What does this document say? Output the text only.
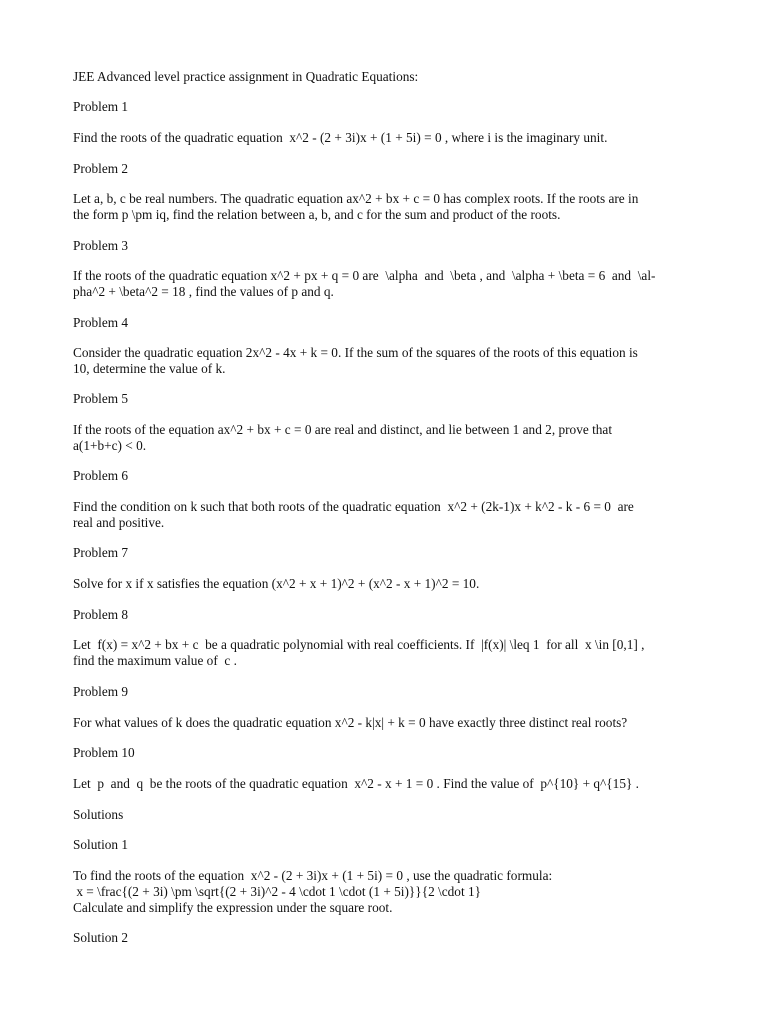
JEE Advanced level practice assignment in Quadratic Equations:
Problem 1
Find the roots of the quadratic equation  x^2 - (2 + 3i)x + (1 + 5i) = 0 , where i is the imaginary unit.
Problem 2
Let a, b, c be real numbers. The quadratic equation ax^2 + bx + c = 0 has complex roots. If the roots are in
the form p \pm iq, find the relation between a, b, and c for the sum and product of the roots.
Problem 3
If the roots of the quadratic equation x^2 + px + q = 0 are  \alpha  and  \beta , and  \alpha + \beta = 6  and  \al-
pha^2 + \beta^2 = 18 , find the values of p and q.
Problem 4
Consider the quadratic equation 2x^2 - 4x + k = 0. If the sum of the squares of the roots of this equation is
10, determine the value of k.
Problem 5
If the roots of the equation ax^2 + bx + c = 0 are real and distinct, and lie between 1 and 2, prove that
a(1+b+c) < 0.
Problem 6
Find the condition on k such that both roots of the quadratic equation  x^2 + (2k-1)x + k^2 - k - 6 = 0  are
real and positive.
Problem 7
Solve for x if x satisfies the equation (x^2 + x + 1)^2 + (x^2 - x + 1)^2 = 10.
Problem 8
Let  f(x) = x^2 + bx + c  be a quadratic polynomial with real coefficients. If  |f(x)| \leq 1  for all  x \in [0,1] ,
find the maximum value of  c .
Problem 9
For what values of k does the quadratic equation x^2 - k|x| + k = 0 have exactly three distinct real roots?
Problem 10
Let  p  and  q  be the roots of the quadratic equation  x^2 - x + 1 = 0 . Find the value of  p^{10} + q^{15} .
Solutions
Solution 1
To find the roots of the equation  x^2 - (2 + 3i)x + (1 + 5i) = 0 , use the quadratic formula:
x = \frac{(2 + 3i) \pm \sqrt{(2 + 3i)^2 - 4 \cdot 1 \cdot (1 + 5i)}}{2 \cdot 1}
Calculate and simplify the expression under the square root.
Solution 2
